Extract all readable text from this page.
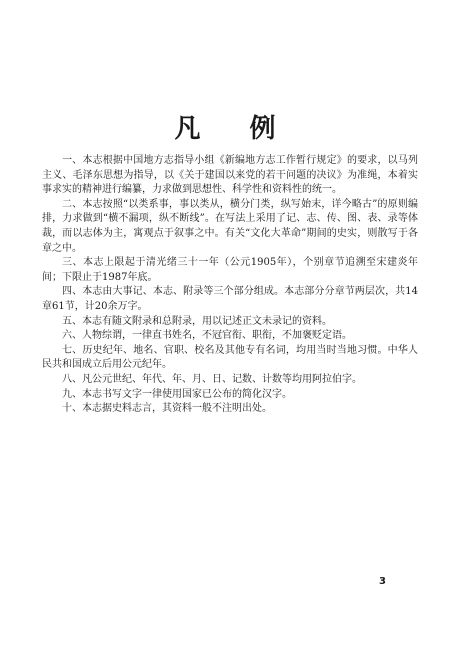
凡 例

一、本志根据中国地方志指导小组《新编地方志工作暂行规定》的要求，以马列主义、毛泽东思想为指导，以《关于建国以来党的若干问题的决议》为准绳，本着实事求实的精神进行编纂，力求做到思想性、科学性和资料性的统一。

二、本志按照“以类系事，事以类从，横分门类，纵写始末，详今略古”的原则编排，力求做到“横不漏项，纵不断线”。在写法上采用了记、志、传、图、表、录等体裁，而以志体为主，寓观点于叙事之中。有关“文化大革命”期间的史实，则散写于各章之中。

三、本志上限起于清光绪三十一年（公元1905年），个别章节追溯至宋建炎年间；下限止于1987年底。

四、本志由大事记、本志、附录等三个部分组成。本志部分分章节两层次，共14章61节，计20余万字。

五、本志有随文附录和总附录，用以记述正文未录记的资料。

六、人物综谓，一律直书姓名，不冠官衔、职衔，不加褒贬定语。

七、历史纪年、地名、官职、校名及其他专有名词，均用当时当地习惯。中华人民共和国成立后用公元纪年。

八、凡公元世纪、年代、年、月、日、记数、计数等均用阿拉伯字。

九、本志书写文字一律使用国家已公布的简化汉字。

十、本志据史料志言，其资料一般不注明出处。

3
